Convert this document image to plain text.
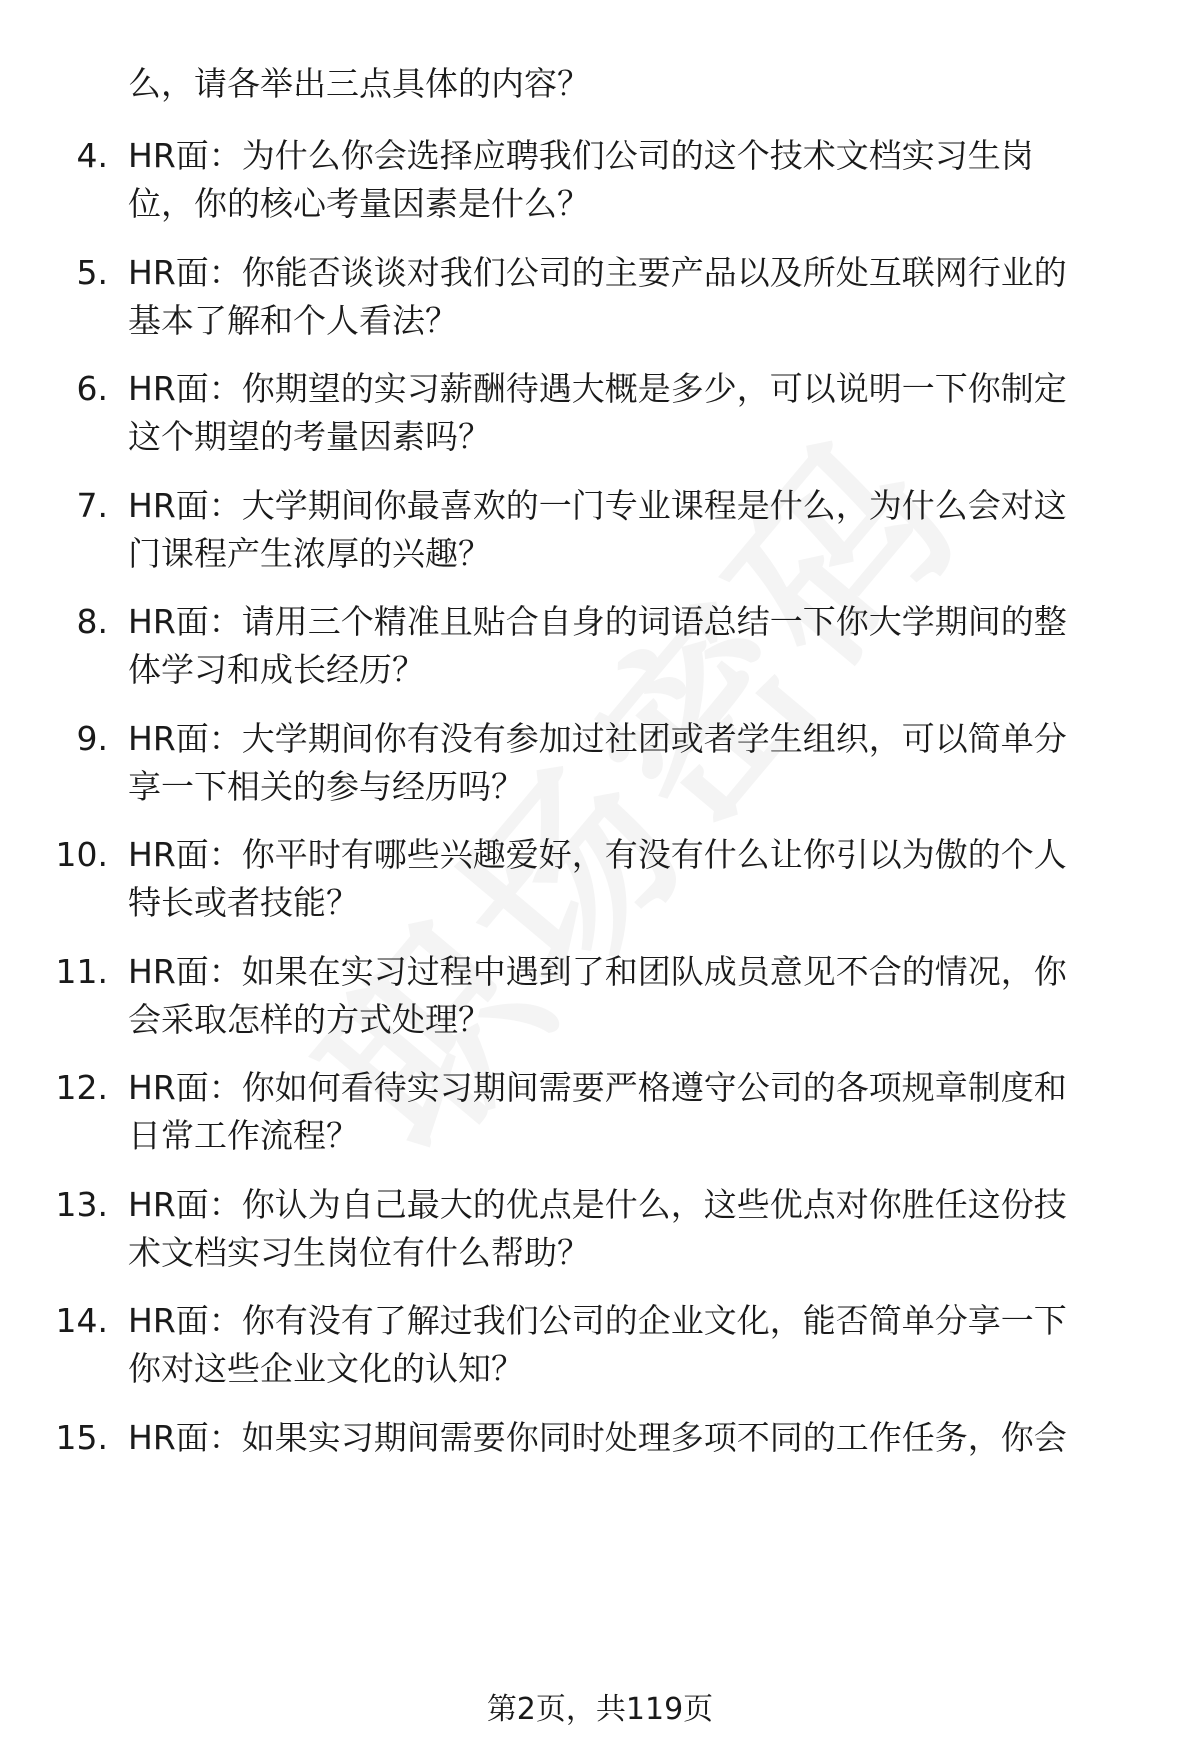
么，请各举出三点具体的内容？

4. HR面：为什么你会选择应聘我们公司的这个技术文档实习生岗
位，你的核心考量因素是什么？
5. HR面：你能否谈谈对我们公司的主要产品以及所处互联网行业的
基本了解和个人看法？
6. HR面：你期望的实习薪酬待遇大概是多少，可以说明一下你制定
这个期望的考量因素吗？
7. HR面：大学期间你最喜欢的一门专业课程是什么，为什么会对这
门课程产生浓厚的兴趣？
8. HR面：请用三个精准且贴合自身的词语总结一下你大学期间的整
体学习和成长经历？
9. HR面：大学期间你有没有参加过社团或者学生组织，可以简单分
享一下相关的参与经历吗？
10. HR面：你平时有哪些兴趣爱好，有没有什么让你引以为傲的个人
特长或者技能？
11. HR面：如果在实习过程中遇到了和团队成员意见不合的情况，你
会采取怎样的方式处理？
12. HR面：你如何看待实习期间需要严格遵守公司的各项规章制度和
日常工作流程？
13. HR面：你认为自己最大的优点是什么，这些优点对你胜任这份技
术文档实习生岗位有什么帮助？
14. HR面：你有没有了解过我们公司的企业文化，能否简单分享一下
你对这些企业文化的认知？
15. HR面：如果实习期间需要你同时处理多项不同的工作任务，你会
第2页，共119页
